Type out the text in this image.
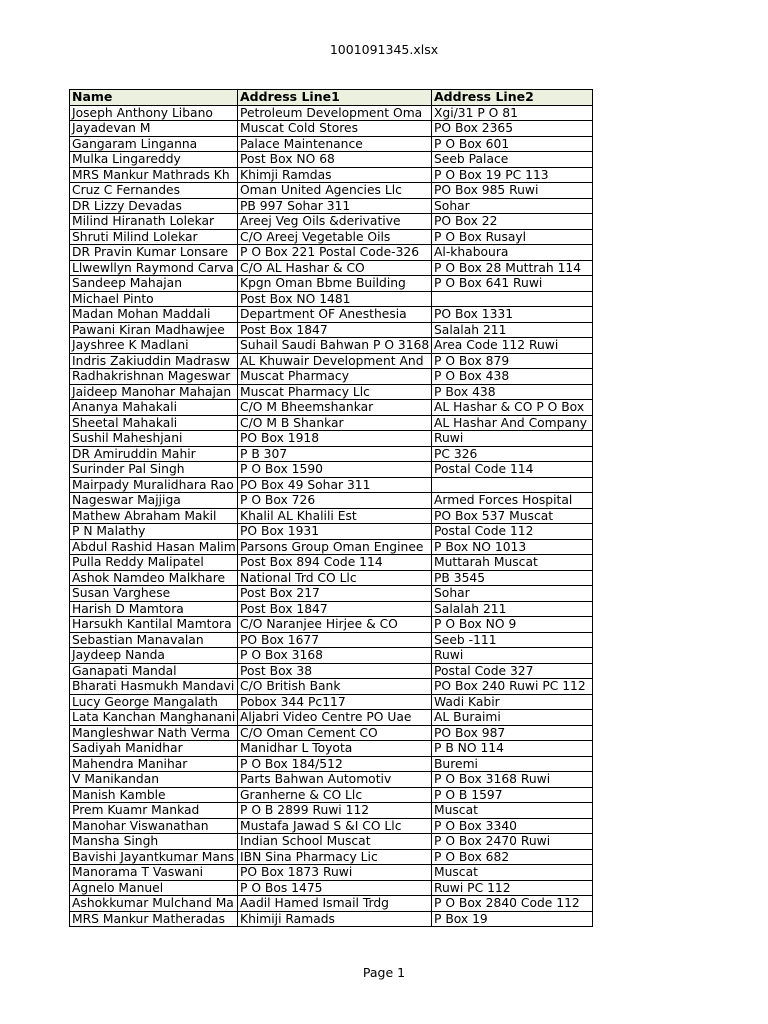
1001091345.xlsx
Name	Address Line1	Address Line2
Joseph Anthony Libano	Petroleum Development Oma	Xgi/31 P O 81
Jayadevan M	Muscat Cold Stores	PO Box 2365
Gangaram Linganna	Palace Maintenance	P O Box 601
Mulka Lingareddy	Post Box NO 68	Seeb Palace
MRS Mankur Mathrads Kh	Khimji Ramdas	P O Box 19 PC 113
Cruz C Fernandes	Oman United Agencies Llc	PO Box 985 Ruwi
DR Lizzy Devadas	PB 997 Sohar 311	Sohar
Milind Hiranath Lolekar	Areej Veg Oils &derivative	PO Box 22
Shruti Milind Lolekar	C/O Areej Vegetable Oils	P O Box Rusayl
DR Pravin Kumar Lonsare	P O Box 221 Postal Code-326	Al-khaboura
Llwewllyn Raymond Carva	C/O AL Hashar & CO	P O Box 28 Muttrah 114
Sandeep Mahajan	Kpgn Oman Bbme Building	P O Box 641 Ruwi
Michael Pinto	Post Box NO 1481	
Madan Mohan Maddali	Department OF Anesthesia	PO Box 1331
Pawani Kiran Madhawjee	Post Box 1847	Salalah 211
Jayshree K Madlani	Suhail Saudi Bahwan P O 3168	Area Code 112 Ruwi
Indris Zakiuddin Madrasw	AL Khuwair Development And	P O Box 879
Radhakrishnan Mageswar	Muscat Pharmacy	P O Box 438
Jaideep Manohar Mahajan	Muscat Pharmacy Llc	P Box 438
Ananya Mahakali	C/O M Bheemshankar	AL Hashar & CO P O Box
Sheetal Mahakali	C/O M B Shankar	AL Hashar And Company
Sushil Maheshjani	PO Box 1918	Ruwi
DR Amiruddin Mahir	P B 307	PC 326
Surinder Pal Singh	P O Box 1590	Postal Code 114
Mairpady Muralidhara Rao	PO Box 49 Sohar 311	
Nageswar Majjiga	P O Box 726	Armed Forces Hospital
Mathew Abraham Makil	Khalil AL Khalili Est	PO Box 537 Muscat
P N Malathy	PO Box 1931	Postal Code 112
Abdul Rashid Hasan Malim	Parsons Group Oman Enginee	P Box NO 1013
Pulla Reddy Malipatel	Post Box 894 Code 114	Muttarah Muscat
Ashok Namdeo Malkhare	National Trd CO Llc	PB 3545
Susan Varghese	Post Box 217	Sohar
Harish D Mamtora	Post Box 1847	Salalah 211
Harsukh Kantilal Mamtora	C/O Naranjee Hirjee & CO	P O Box NO 9
Sebastian Manavalan	PO Box 1677	Seeb -111
Jaydeep Nanda	P O Box 3168	Ruwi
Ganapati Mandal	Post Box 38	Postal Code 327
Bharati Hasmukh Mandavi	C/O British Bank	PO Box 240 Ruwi PC 112
Lucy George Mangalath	Pobox 344 Pc117	Wadi Kabir
Lata Kanchan Manghanani	Aljabri Video Centre PO Uae	AL Buraimi
Mangleshwar Nath Verma	C/O Oman Cement CO	PO Box 987
Sadiyah Manidhar	Manidhar L Toyota	P B NO 114
Mahendra Manihar	P O Box 184/512	Buremi
V Manikandan	Parts Bahwan Automotiv	P O Box 3168 Ruwi
Manish Kamble	Granherne & CO Llc	P O B 1597
Prem Kuamr Mankad	P O B 2899 Ruwi 112	Muscat
Manohar Viswanathan	Mustafa Jawad S &I CO Llc	P O Box 3340
Mansha Singh	Indian School Muscat	P O Box 2470 Ruwi
Bavishi Jayantkumar Mans	IBN Sina Pharmacy Lic	P O Box 682
Manorama T Vaswani	PO Box 1873 Ruwi	Muscat
Agnelo Manuel	P O Bos 1475	Ruwi PC 112
Ashokkumar Mulchand Ma	Aadil Hamed Ismail Trdg	P O Box 2840 Code 112
MRS Mankur Matheradas	Khimiji Ramads	P Box 19
Page 1
